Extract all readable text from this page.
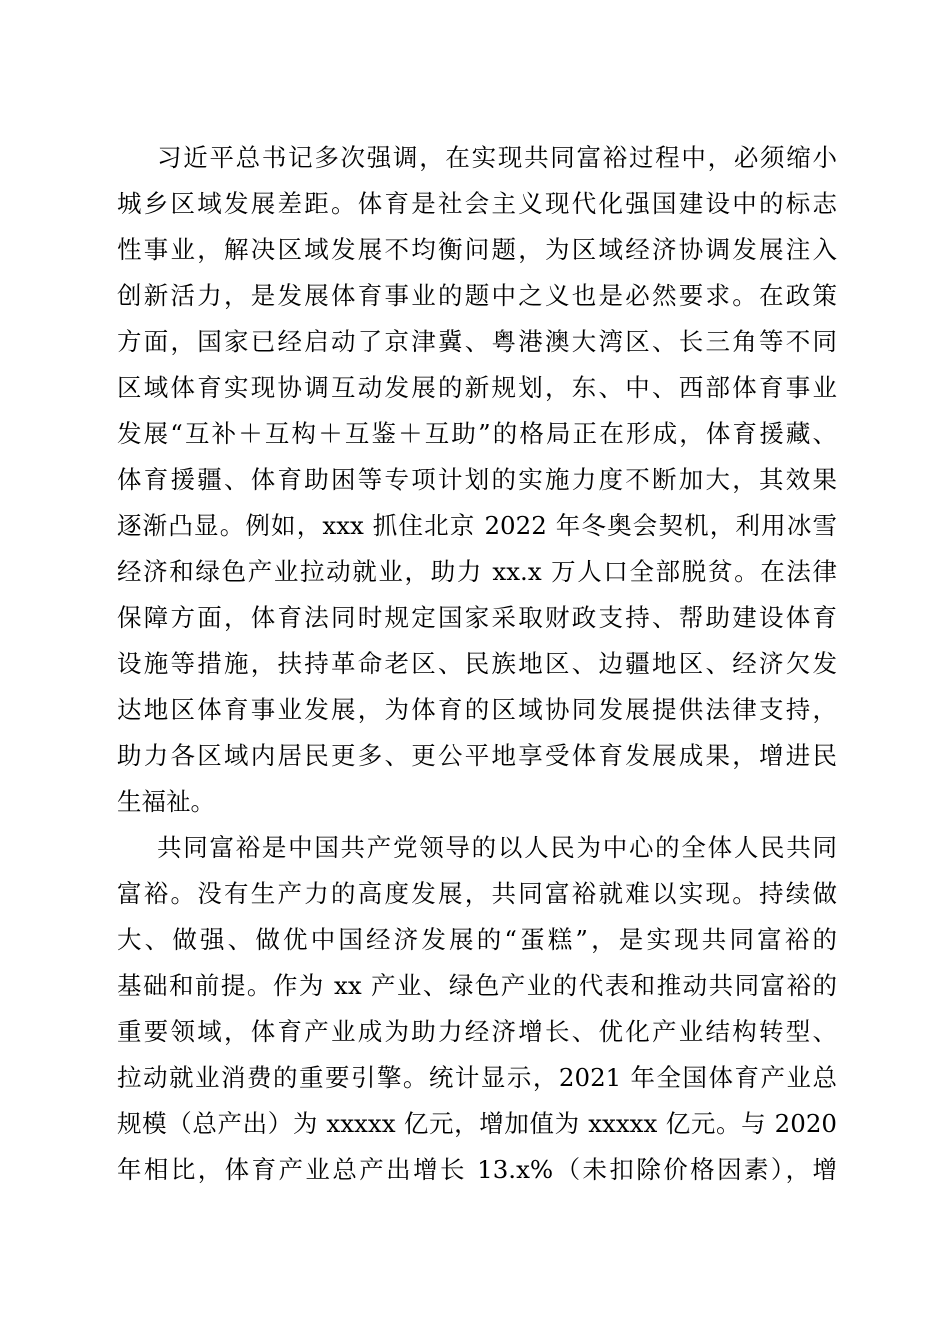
习近平总书记多次强调，在实现共同富裕过程中，必须缩小
城乡区域发展差距。体育是社会主义现代化强国建设中的标志
性事业，解决区域发展不均衡问题，为区域经济协调发展注入
创新活力，是发展体育事业的题中之义也是必然要求。在政策
方面，国家已经启动了京津冀、粤港澳大湾区、长三角等不同
区域体育实现协调互动发展的新规划，东、中、西部体育事业
发展“互补＋互构＋互鉴＋互助”的格局正在形成，体育援藏、
体育援疆、体育助困等专项计划的实施力度不断加大，其效果
逐渐凸显。例如，xxx 抓住北京 2022 年冬奥会契机，利用冰雪
经济和绿色产业拉动就业，助力 xx.x 万人口全部脱贫。在法律
保障方面，体育法同时规定国家采取财政支持、帮助建设体育
设施等措施，扶持革命老区、民族地区、边疆地区、经济欠发
达地区体育事业发展，为体育的区域协同发展提供法律支持，
助力各区域内居民更多、更公平地享受体育发展成果，增进民
生福祉。
共同富裕是中国共产党领导的以人民为中心的全体人民共同
富裕。没有生产力的高度发展，共同富裕就难以实现。持续做
大、做强、做优中国经济发展的“蛋糕”，是实现共同富裕的
基础和前提。作为 xx 产业、绿色产业的代表和推动共同富裕的
重要领域，体育产业成为助力经济增长、优化产业结构转型、
拉动就业消费的重要引擎。统计显示，2021 年全国体育产业总
规模（总产出）为 xxxxx 亿元，增加值为 xxxxx 亿元。与 2020
年相比，体育产业总产出增长 13.x%（未扣除价格因素），增
